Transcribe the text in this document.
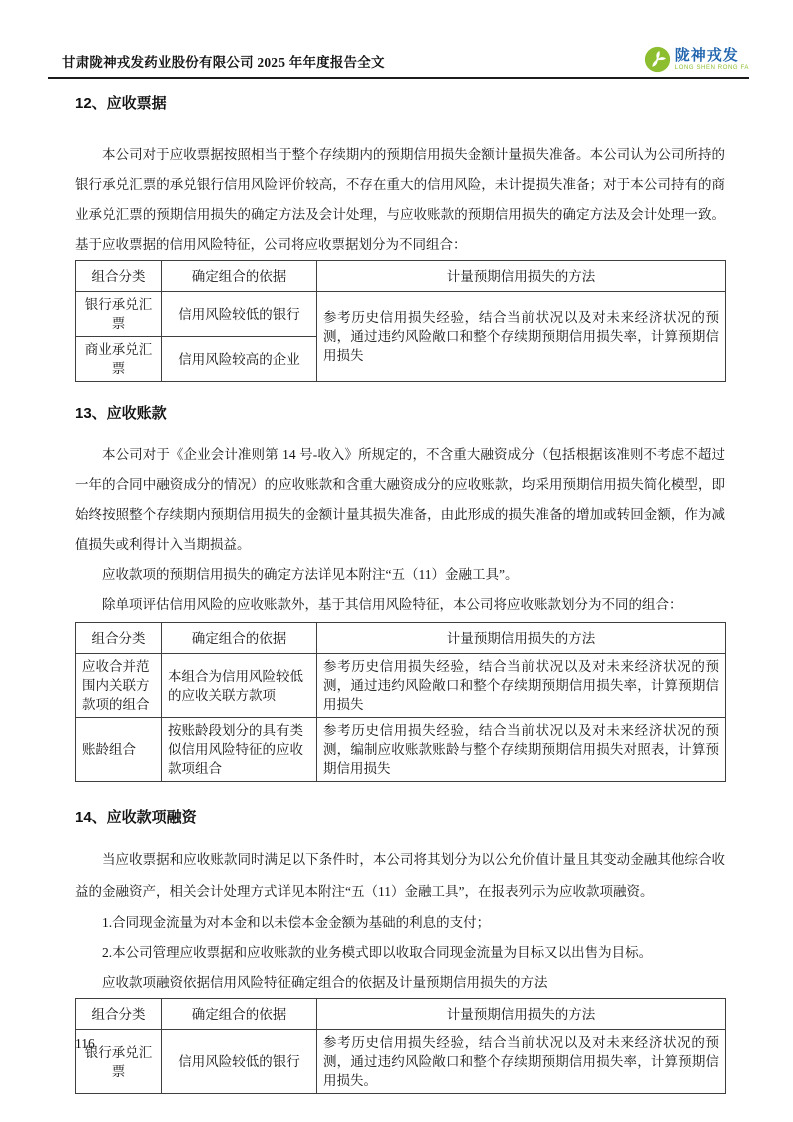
甘肃陇神戎发药业股份有限公司 2025 年年度报告全文	陇神戎发
LONG SHEN RONG FA
12、应收票据

本公司对于应收票据按照相当于整个存续期内的预期信用损失金额计量损失准备。本公司认为公司所持的银行承兑汇票的承兑银行信用风险评价较高，不存在重大的信用风险，未计提损失准备；对于本公司持有的商业承兑汇票的预期信用损失的确定方法及会计处理，与应收账款的预期信用损失的确定方法及会计处理一致。基于应收票据的信用风险特征，公司将应收票据划分为不同组合：

组合分类	确定组合的依据	计量预期信用损失的方法
银行承兑汇票	信用风险较低的银行	参考历史信用损失经验，结合当前状况以及对未来经济状况的预测，通过违约风险敞口和整个存续期预期信用损失率，计算预期信用损失
商业承兑汇票	信用风险较高的企业	
13、应收账款

本公司对于《企业会计准则第 14 号-收入》所规定的，不含重大融资成分（包括根据该准则不考虑不超过一年的合同中融资成分的情况）的应收账款和含重大融资成分的应收账款，均采用预期信用损失简化模型，即始终按照整个存续期内预期信用损失的金额计量其损失准备，由此形成的损失准备的增加或转回金额，作为减值损失或利得计入当期损益。

应收款项的预期信用损失的确定方法详见本附注“五（11）金融工具”。

除单项评估信用风险的应收账款外，基于其信用风险特征，本公司将应收账款划分为不同的组合：

组合分类	确定组合的依据	计量预期信用损失的方法
应收合并范围内关联方款项的组合	本组合为信用风险较低的应收关联方款项	参考历史信用损失经验，结合当前状况以及对未来经济状况的预测，通过违约风险敞口和整个存续期预期信用损失率，计算预期信用损失
账龄组合	按账龄段划分的具有类似信用风险特征的应收款项组合	参考历史信用损失经验，结合当前状况以及对未来经济状况的预测，编制应收账款账龄与整个存续期预期信用损失对照表，计算预期信用损失
14、应收款项融资

当应收票据和应收账款同时满足以下条件时，本公司将其划分为以公允价值计量且其变动金融其他综合收益的金融资产，相关会计处理方式详见本附注“五（11）金融工具”，在报表列示为应收款项融资。

1.合同现金流量为对本金和以未偿本金金额为基础的利息的支付；

2.本公司管理应收票据和应收账款的业务模式即以收取合同现金流量为目标又以出售为目标。

应收款项融资依据信用风险特征确定组合的依据及计量预期信用损失的方法

组合分类	确定组合的依据	计量预期信用损失的方法
银行承兑汇票	信用风险较低的银行	参考历史信用损失经验，结合当前状况以及对未来经济状况的预测，通过违约风险敞口和整个存续期预期信用损失率，计算预期信用损失。
116
